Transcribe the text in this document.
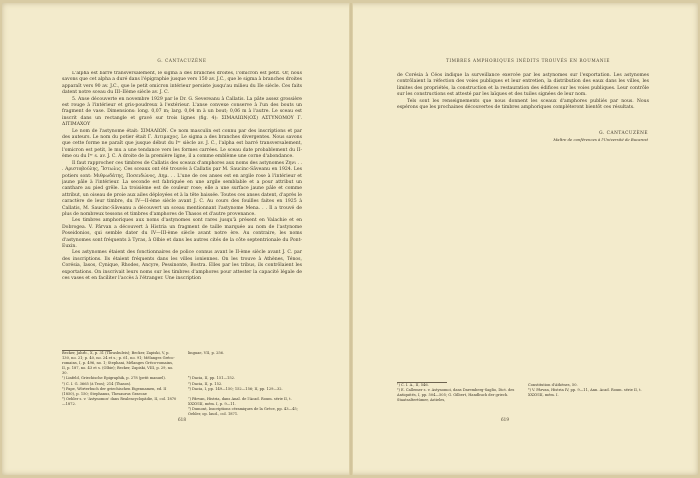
G. CANTACUZÈNE

L'alpha est barré transversalement, le sigma a des branches droites, l'omicron est petit. Or, nous savons que cet alpha a duré dans l'épigraphie jusque vers 150 av. J.C., que le sigma à branches droites apparaît vers 90 av. J.C., que le petit omicron intérieur persiste jusqu'au milieu du IIe siècle. Ces faits datent notre sceau du III–IIème siècle av. J. C.

5. Anse découverte en novembre 1929 par le Dr. G. Severeanu à Callatis. La pâte assez grossière est rouge à l'intérieur et gris-poudreux à l'extérieur. L'anse convexe conserve à l'un des bouts un fragment de vase. Dimensions: long. 0,07 m; larg. 0,04 m à un bout; 0,06 m à l'autre. Le sceau est inscrit dans un rectangle et gravé sur trois lignes (fig. 4): ΣΙΜΑΛΙΩΝ(ΟΣ) ΑΣΤΥΝΟΜΟΥ Γ. ΔΙΤΙΜΑΧΟΥ

Le nom de l'astynome était: ΣΙΜΑΛΙΩΝ. Ce nom masculin est connu par des inscriptions et par des auteurs. Le nom du potier était Γ. Διτιμαχος. Le sigma a des branches divergentes. Nous savons que cette forme ne paraît que jusque début du Iᵉʳ siècle av. J. C., l'alpha est barré transversalement, l'omicron est petit, le mu a une tendance vers les formes carrées. Le sceau date probablement du II-ème ou du Iᵉʳ s. av. J. C. A droite de la première ligne, il a comme emblème une corne d'abondance.

Il faut rapprocher ces timbres de Callatis des sceaux d'amphores aux noms des astynomes Ζηνι . . . Αριστοβούλης, Ἴστωλις. Ces sceaux ont été trouvés à Callatis par M. Saucinc-Săveanu en 1924. Les potiers sont: Μιθρωδάτης, Ποσειδώνος, Δημ. . . L'une de ces anses est en argile rose à l'intérieur et jaune pâle à l'intérieur. La seconde est fabriquée en une argile semblable et a pour attribut un canthare au pied grêle. La troisième est de couleur rose; elle a une surface jaune pâle et comme attribut, un oiseau de proie aux ailes déployées et à la tête baissée. Toutes ces anses datent, d'après le caractère de leur timbre, du IV—II-ème siècle avant J. C. Au cours des fouilles faites en 1925 à Callatis, M. Saucinc-Săveanu a découvert un sceau mentionnant l'astynome Mena. . . Il a trouvé de plus de nombreux tessons et timbres d'amphores de Thasos et d'autre provenance.

Les timbres amphoriques aux noms d'astynomes sont rares jusqu'à présent en Valachie et en Dobrogea. V. Pârvan a découvert à Histria un fragment de taille marquée au nom de l'astynome Poseidonios, qui semble dater du IV—III-ème siècle avant notre ère. Au contraire, les noms d'astynomes sont fréquents à Tyras, à Olbie et dans les autres cités de la côte septentrionale du Pont-Euxin.

Les astynomes étaient des fonctionnaires de police connus avant le II-ème siècle avant J. C. par des inscriptions. Ils étaient fréquents dans les villes ioniennes. On les trouve à Athènes, Ténos, Corésia, Iasos, Cynique, Rhodes, Ancyre, Pessinonte, Bostra. Elles par les tribus, ils contrôlaient les exportations. On inscrivait leurs noms sur les timbres d'amphores pour attester la capacité légale de ces vases et en faciliter l'accès à l'étranger. Une inscription

Becker, Jahrb., X, p. 31 (Thrasbuleis); Becker, Zapiski, V, p. 130, no. 21; p. 40, no. 24 et s.; p. 61, no. 91; Mélanges Gréco-romains, I, p. 496, no. 1; Stephani, Mélanges Gréco-romains, II, p. 187, no. 43 et s. (Olbie); Becker, Zapiski, VIII, p. 29, no. 30.
linguae, VII, p. 256.
¹) Linfeld, Griechische Epigraphik, p. 278 (petit manuel).	⁴) Dacia, II, pp. 151—152.
²) C. I. G. 3665 (à Teos); 214 (Thasos).	⁵) Dacia, II, p. 152.
³) Pape, Wörterbuch der griechischen Eigennamen, ed. II (1850), p. 150; Stephanus, Thesaurus Graecae
⁶) Dacia, I, pp. 149—150; 152—156; II, pp. 129—32.
⁸) Oehler s. v. 'Astynomos' dans Realencyclopädie, II, col. 1870—1872.
⁷) Pârvan, Histria, dans Anal. de l'Acad. Roum. série II, t. XXXVIII, mém. I, p. 9—11.
⁹) Dumont, Inscriptions céramiques de la Grèce, pp. 43—45; Oehler, op. laud., col. 1871.
618
TIMBRES AMPHORIQUES INÉDITS TROUVÉS EN ROUMANIE

de Corésia à Céos indique la surveillance exercée par les astynomes sur l'exportation. Les astynomes contrôlaient la réfection des voies publiques et leur entretien, la distribution des eaux dans les villes, les limites des propriétés, la construction et la restauration des édifices sur les voies publiques. Leur contrôle sur les constructions est attesté par les laïques et des tuiles signées de leur nom.

Tels sont les renseignements que nous donnent les sceaux d'amphores publiés par nous. Nous espérons que les prochaines découvertes de timbres amphoriques compléteront bientôt ces résultats.

G. CANTACUZÈNE
Maître de conférences à l'Université de Bucarest
¹) C. I. A., II, 546.	Constitution d'Athènes, 50.
²) E. Callemer s. v. Astynomoi, dans Daremberg-Saglio, Dict. des Antiquités, I, pp. 504—505; G. Gilbert, Handbuch der griech. Staatsaltertümer, Astieles,
³) V. Pârvan, Histria IV, pp. 9—11, Ann. Acad. Roum. série II, t. XXXVIII, mém. I.
619
